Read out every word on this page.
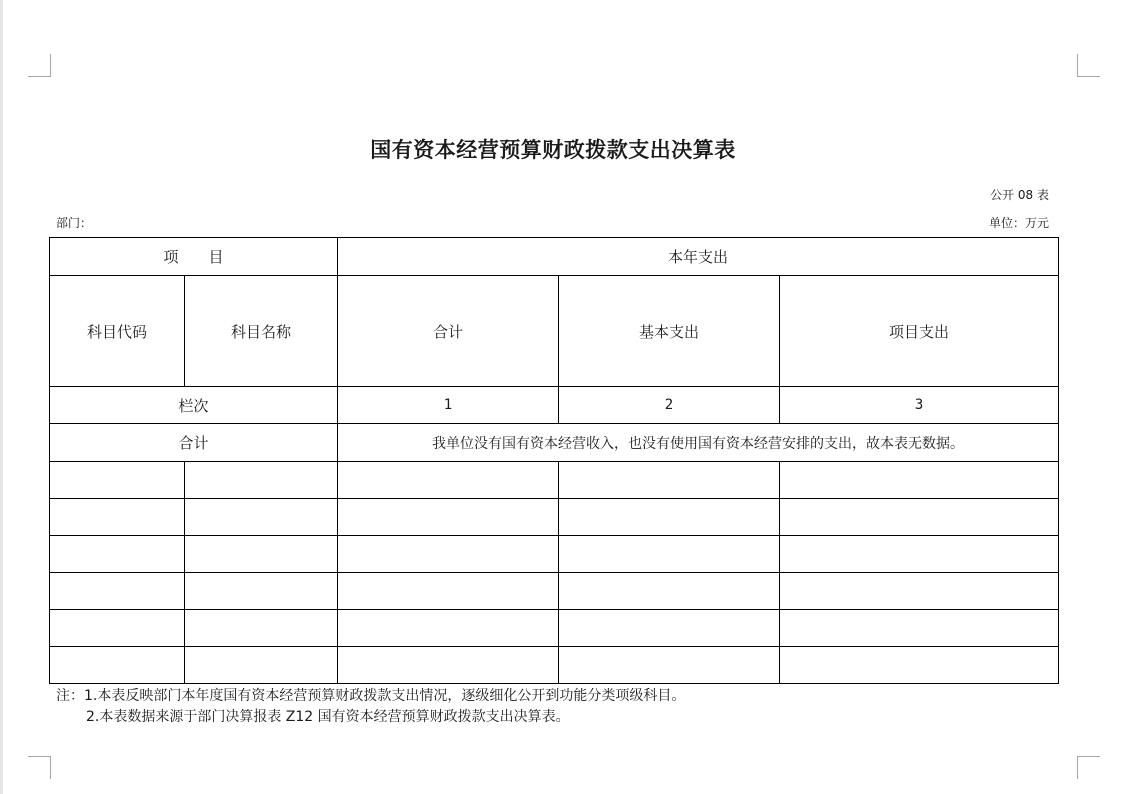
国有资本经营预算财政拨款支出决算表
公开 08 表
部门：	单位：万元
项　　目		本年支出		
科目代码	科目名称	合计	基本支出	项目支出
栏次		1	2	3
合计		我单位没有国有资本经营收入，也没有使用国有资本经营安排的支出，故本表无数据。		

注：1.本表反映部门本年度国有资本经营预算财政拨款支出情况，逐级细化公开到功能分类项级科目。
2.本表数据来源于部门决算报表 Z12 国有资本经营预算财政拨款支出决算表。
